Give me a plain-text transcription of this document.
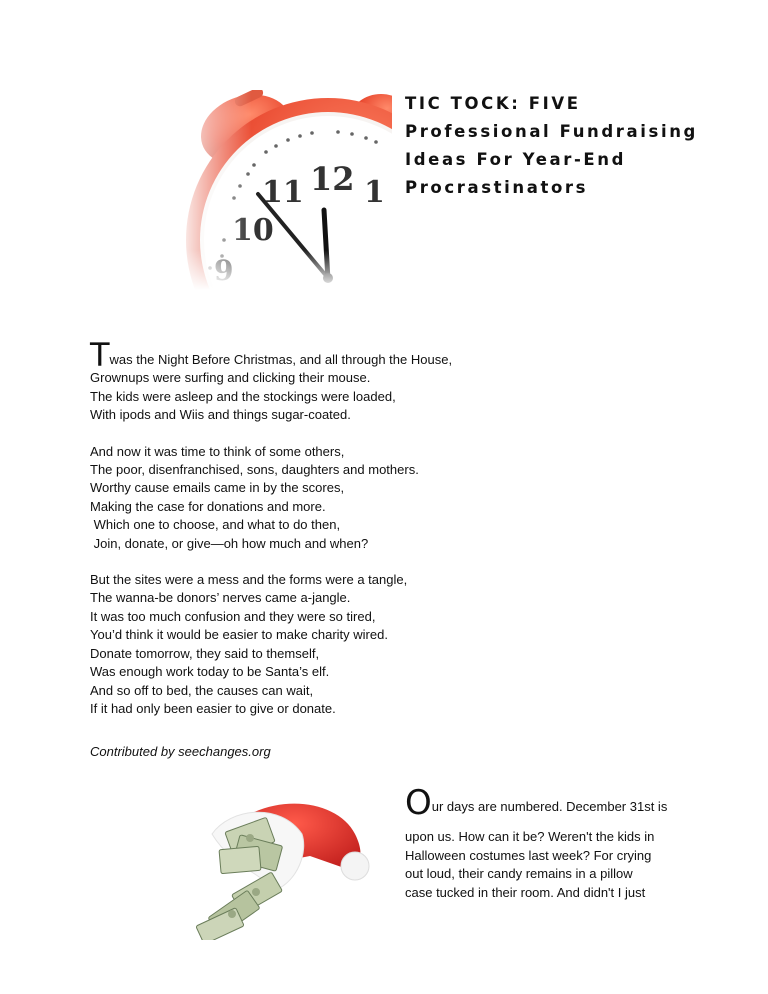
TIC TOCK: FIVE
Professional Fundraising
Ideas For Year-End
Procrastinators
Twas the Night Before Christmas, and all through the House,
Grownups were surfing and clicking their mouse.
The kids were asleep and the stockings were loaded,
With ipods and Wiis and things sugar-coated.
And now it was time to think of some others,
The poor, disenfranchised, sons, daughters and mothers.
Worthy cause emails came in by the scores,
Making the case for donations and more.
Which one to choose, and what to do then,
Join, donate, or give—oh how much and when?
But the sites were a mess and the forms were a tangle,
The wanna-be donors’ nerves came a-jangle.
It was too much confusion and they were so tired,
You’d think it would be easier to make charity wired.
Donate tomorrow, they said to themself,
Was enough work today to be Santa’s elf.
And so off to bed, the causes can wait,
If it had only been easier to give or donate.
Contributed by seechanges.org
Our days are numbered. December 31st is
upon us. How can it be? Weren't the kids in
Halloween costumes last week? For crying
out loud, their candy remains in a pillow
case tucked in their room. And didn't I just
